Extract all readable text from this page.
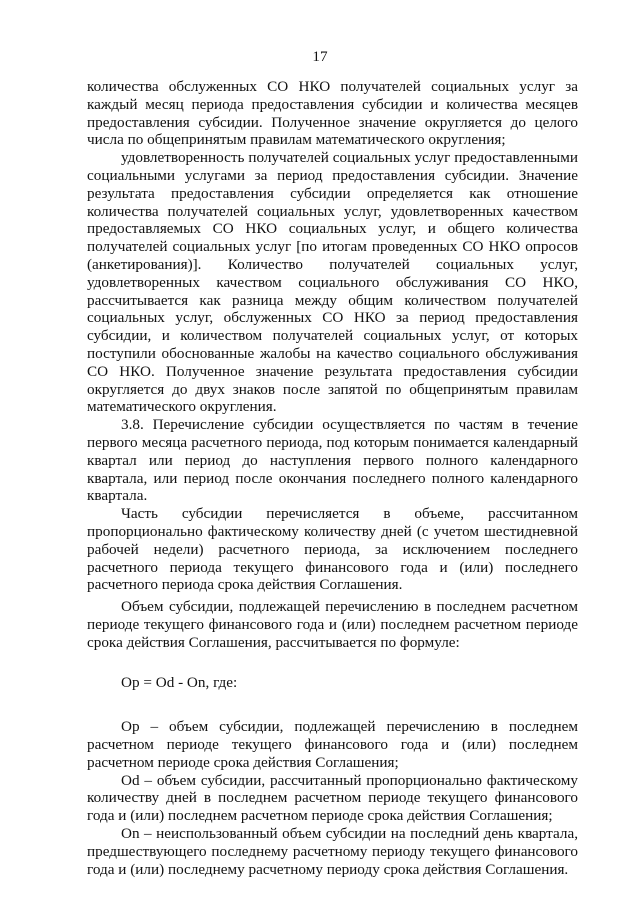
17

количества обслуженных СО НКО получателей социальных услуг за каждый месяц периода предоставления субсидии и количества месяцев предоставления субсидии. Полученное значение округляется до целого числа по общепринятым правилам математического округления;

удовлетворенность получателей социальных услуг предоставленными социальными услугами за период предоставления субсидии. Значение результата предоставления субсидии определяется как отношение количества получателей социальных услуг, удовлетворенных качеством предоставляемых СО НКО социальных услуг, и общего количества получателей социальных услуг [по итогам проведенных СО НКО опросов (анкетирования)]. Количество получателей социальных услуг, удовлетворенных качеством социального обслуживания СО НКО, рассчитывается как разница между общим количеством получателей социальных услуг, обслуженных СО НКО за период предоставления субсидии, и количеством получателей социальных услуг, от которых поступили обоснованные жалобы на качество социального обслуживания СО НКО. Полученное значение результата предоставления субсидии округляется до двух знаков после запятой по общепринятым правилам математического округления.

3.8. Перечисление субсидии осуществляется по частям в течение первого месяца расчетного периода, под которым понимается календарный квартал или период до наступления первого полного календарного квартала, или период после окончания последнего полного календарного квартала.

Часть субсидии перечисляется в объеме, рассчитанном пропорционально фактическому количеству дней (с учетом шестидневной рабочей недели) расчетного периода, за исключением последнего расчетного периода текущего финансового года и (или) последнего расчетного периода срока действия Соглашения.

Объем субсидии, подлежащей перечислению в последнем расчетном периоде текущего финансового года и (или) последнем расчетном периоде срока действия Соглашения, рассчитывается по формуле:

Op = Od - On, где:

Op – объем субсидии, подлежащей перечислению в последнем расчетном периоде текущего финансового года и (или) последнем расчетном периоде срока действия Соглашения;

Od – объем субсидии, рассчитанный пропорционально фактическому количеству дней в последнем расчетном периоде текущего финансового года и (или) последнем расчетном периоде срока действия Соглашения;

On – неиспользованный объем субсидии на последний день квартала, предшествующего последнему расчетному периоду текущего финансового года и (или) последнему расчетному периоду срока действия Соглашения.
